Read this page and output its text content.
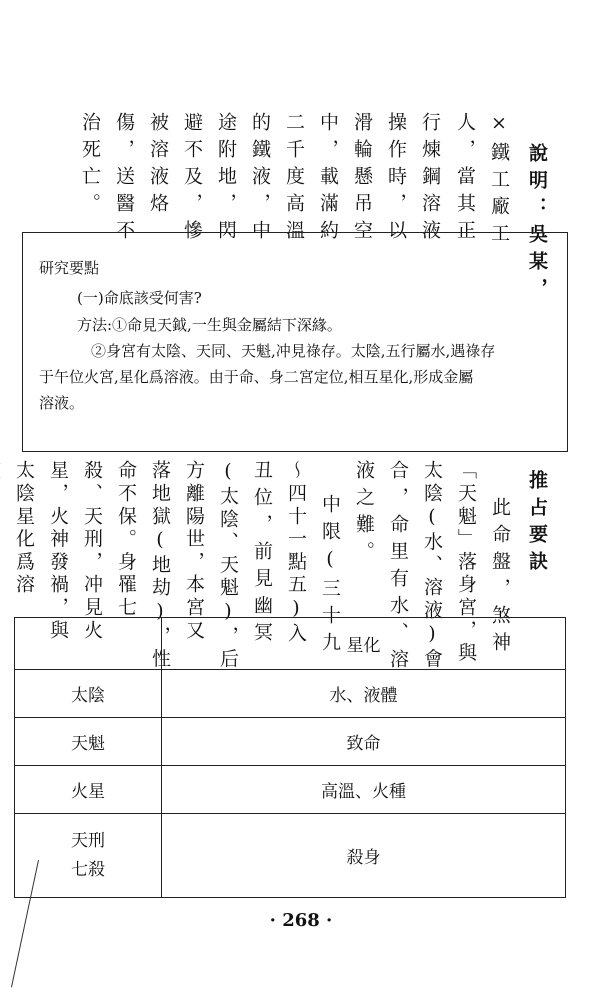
說明：吳某，
×鐵工廠工
人，當其正
行煉鋼溶液
操作時，以
滑輪懸吊空
中，載滿約
二千度高溫
的鐵液，中
途附地，閃
避不及，慘
被溶液烙
傷，送醫不
治死亡。

研究要點

(一)命底該受何害?

方法:①命見天鉞,一生與金屬結下深緣。

②身宮有太陰、天同、天魁,冲見祿存。太陰,五行屬水,遇祿存

于午位火宮,星化爲溶液。由于命、身二宮定位,相互星化,形成金屬

溶液。

推占要訣
此命盤，煞神
「天魁」落身宮，與
太陰(水、溶液)會
合，命里有水、溶
液之難。
中限(三十九
～四十一點五)入
丑位，前見幽冥
(太陰、天魁)，后
方離陽世，本宮又
落地獄(地劫)，性
命不保。身罹七
殺、天刑，冲見火
星，火神發禍，與
太陰星化爲溶
	星化
太陰	水、液體
天魁	致命
火星	高溫、火種
天刑
七殺	殺身
· 268 ·
